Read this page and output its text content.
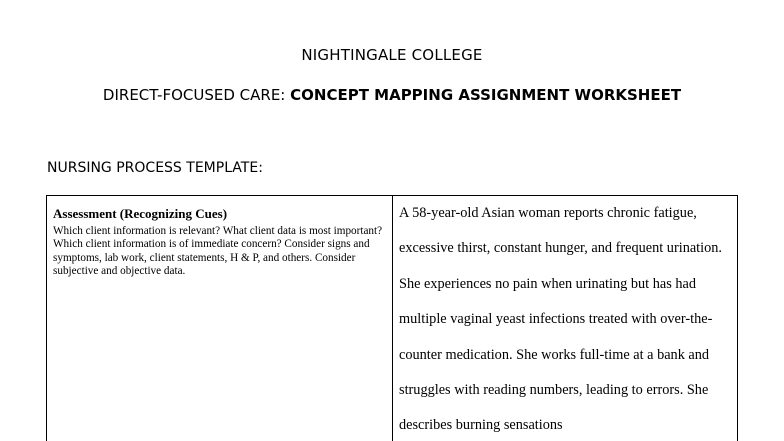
NIGHTINGALE COLLEGE
DIRECT-FOCUSED CARE: CONCEPT MAPPING ASSIGNMENT WORKSHEET
NURSING PROCESS TEMPLATE:

Assessment (Recognizing Cues)

Which client information is relevant? What client data is most important? Which client information is of immediate concern? Consider signs and symptoms, lab work, client statements, H & P, and others. Consider subjective and objective data.

A 58-year-old Asian woman reports chronic fatigue, excessive thirst, constant hunger, and frequent urination. She experiences no pain when urinating but has had multiple vaginal yeast infections treated with over-the-counter medication. She works full-time at a bank and struggles with reading numbers, leading to errors. She describes burning sensations
